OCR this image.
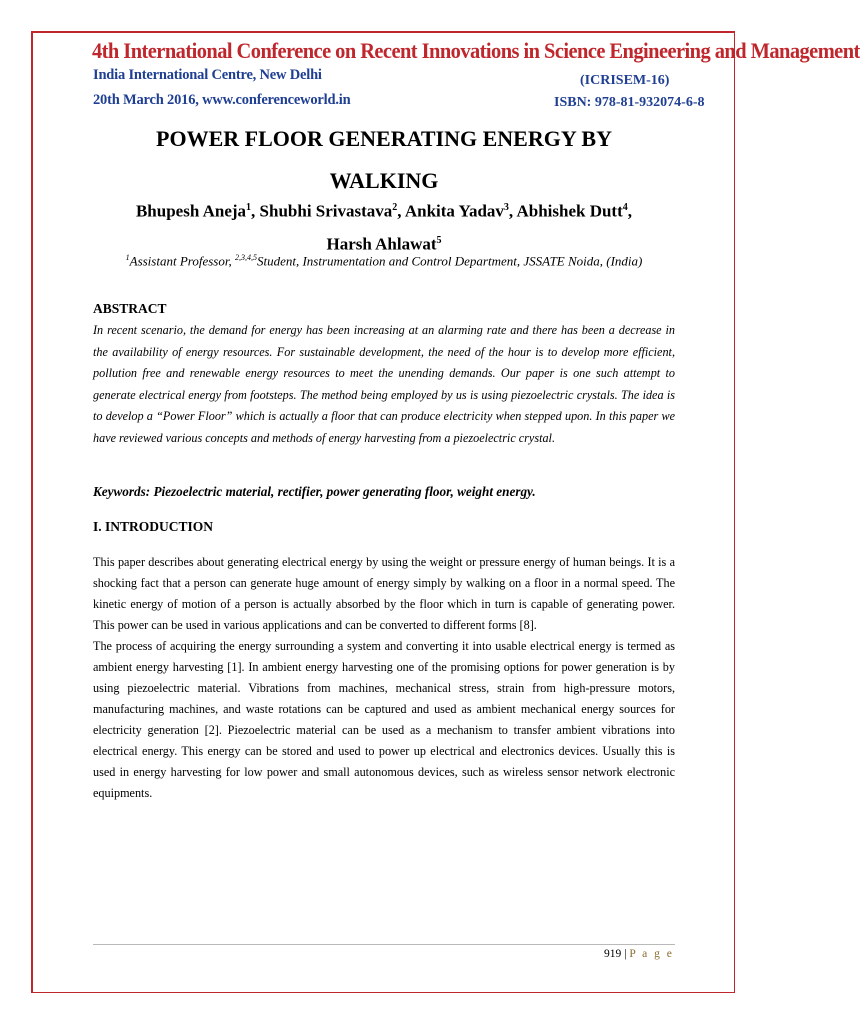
4th International Conference on Recent Innovations in Science Engineering and Management
India International Centre, New Delhi
20th March 2016, www.conferenceworld.in
(ICRISEM-16)
ISBN: 978-81-932074-6-8
POWER FLOOR GENERATING ENERGY BY WALKING
Bhupesh Aneja$^1$, Shubhi Srivastava$^2$, Ankita Yadav$^3$, Abhishek Dutt$^4$,
Harsh Ahlawat$^5$
$^1$Assistant Professor, $^{2,3,4,5}$Student, Instrumentation and Control Department, JSSATE Noida, (India)
ABSTRACT
In recent scenario, the demand for energy has been increasing at an alarming rate and there has been a decrease in the availability of energy resources. For sustainable development, the need of the hour is to develop more efficient, pollution free and renewable energy resources to meet the unending demands. Our paper is one such attempt to generate electrical energy from footsteps. The method being employed by us is using piezoelectric crystals. The idea is to develop a “Power Floor” which is actually a floor that can produce electricity when stepped upon. In this paper we have reviewed various concepts and methods of energy harvesting from a piezoelectric crystal.
Keywords: Piezoelectric material, rectifier, power generating floor, weight energy.
I. INTRODUCTION

This paper describes about generating electrical energy by using the weight or pressure energy of human beings. It is a shocking fact that a person can generate huge amount of energy simply by walking on a floor in a normal speed. The kinetic energy of motion of a person is actually absorbed by the floor which in turn is capable of generating power. This power can be used in various applications and can be converted to different forms [8].

The process of acquiring the energy surrounding a system and converting it into usable electrical energy is termed as ambient energy harvesting [1]. In ambient energy harvesting one of the promising options for power generation is by using piezoelectric material. Vibrations from machines, mechanical stress, strain from high-pressure motors, manufacturing machines, and waste rotations can be captured and used as ambient mechanical energy sources for electricity generation [2]. Piezoelectric material can be used as a mechanism to transfer ambient vibrations into electrical energy. This energy can be stored and used to power up electrical and electronics devices. Usually this is used in energy harvesting for low power and small autonomous devices, such as wireless sensor network electronic equipments.

919 | P a g e
